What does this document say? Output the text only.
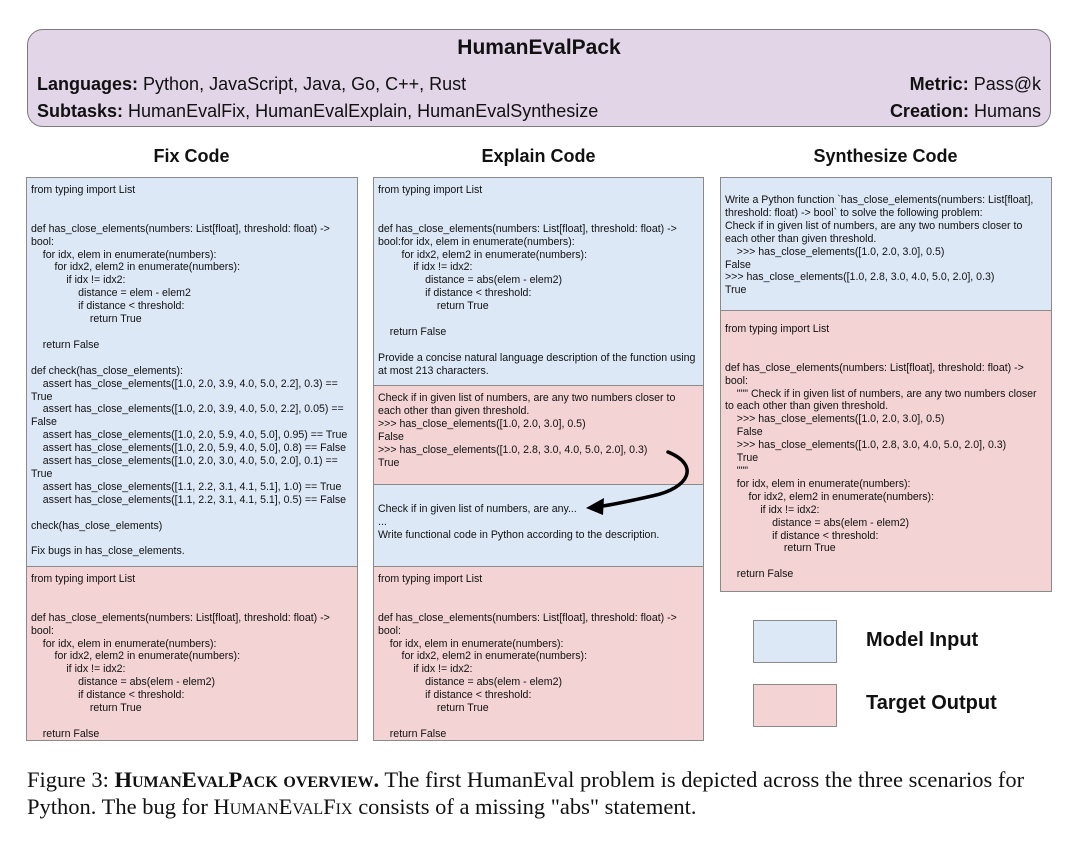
HumanEvalPack
Languages: Python, JavaScript, Java, Go, C++, Rust	Metric: Pass@k
Subtasks: HumanEvalFix, HumanEvalExplain, HumanEvalSynthesize	Creation: Humans
Fix Code	Explain Code	Synthesize Code
from typing import List

def has_close_elements(numbers: List[float], threshold: float) ->
bool:
for idx, elem in enumerate(numbers):
for idx2, elem2 in enumerate(numbers):
if idx != idx2:
distance = elem - elem2
if distance < threshold:
return True

return False

def check(has_close_elements):
assert has_close_elements([1.0, 2.0, 3.9, 4.0, 5.0, 2.2], 0.3) ==
True
assert has_close_elements([1.0, 2.0, 3.9, 4.0, 5.0, 2.2], 0.05) ==
False
assert has_close_elements([1.0, 2.0, 5.9, 4.0, 5.0], 0.95) == True
assert has_close_elements([1.0, 2.0, 5.9, 4.0, 5.0], 0.8) == False
assert has_close_elements([1.0, 2.0, 3.0, 4.0, 5.0, 2.0], 0.1) ==
True
assert has_close_elements([1.1, 2.2, 3.1, 4.1, 5.1], 1.0) == True
assert has_close_elements([1.1, 2.2, 3.1, 4.1, 5.1], 0.5) == False

check(has_close_elements)

Fix bugs in has_close_elements.
from typing import List

def has_close_elements(numbers: List[float], threshold: float) ->
bool:
for idx, elem in enumerate(numbers):
for idx2, elem2 in enumerate(numbers):
if idx != idx2:
distance = abs(elem - elem2)
if distance < threshold:
return True

return False
from typing import List

def has_close_elements(numbers: List[float], threshold: float) ->
bool:for idx, elem in enumerate(numbers):
for idx2, elem2 in enumerate(numbers):
if idx != idx2:
distance = abs(elem - elem2)
if distance < threshold:
return True

return False

Provide a concise natural language description of the function using
at most 213 characters.
Check if in given list of numbers, are any two numbers closer to
each other than given threshold.
>>> has_close_elements([1.0, 2.0, 3.0], 0.5)
False
>>> has_close_elements([1.0, 2.8, 3.0, 4.0, 5.0, 2.0], 0.3)
True
Check if in given list of numbers, are any...
...
Write functional code in Python according to the description.
from typing import List

def has_close_elements(numbers: List[float], threshold: float) ->
bool:
for idx, elem in enumerate(numbers):
for idx2, elem2 in enumerate(numbers):
if idx != idx2:
distance = abs(elem - elem2)
if distance < threshold:
return True

return False
Write a Python function `has_close_elements(numbers: List[float],
threshold: float) -> bool` to solve the following problem:
Check if in given list of numbers, are any two numbers closer to
each other than given threshold.
>>> has_close_elements([1.0, 2.0, 3.0], 0.5)
False
>>> has_close_elements([1.0, 2.8, 3.0, 4.0, 5.0, 2.0], 0.3)
True
from typing import List

def has_close_elements(numbers: List[float], threshold: float) ->
bool:
""" Check if in given list of numbers, are any two numbers closer
to each other than given threshold.
>>> has_close_elements([1.0, 2.0, 3.0], 0.5)
False
>>> has_close_elements([1.0, 2.8, 3.0, 4.0, 5.0, 2.0], 0.3)
True
"""
for idx, elem in enumerate(numbers):
for idx2, elem2 in enumerate(numbers):
if idx != idx2:
distance = abs(elem - elem2)
if distance < threshold:
return True

return False
Model Input
Target Output
Figure 3: HumanEvalPack overview. The first HumanEval problem is depicted across the three scenarios for Python. The bug for HumanEvalFix consists of a missing "abs" statement.
